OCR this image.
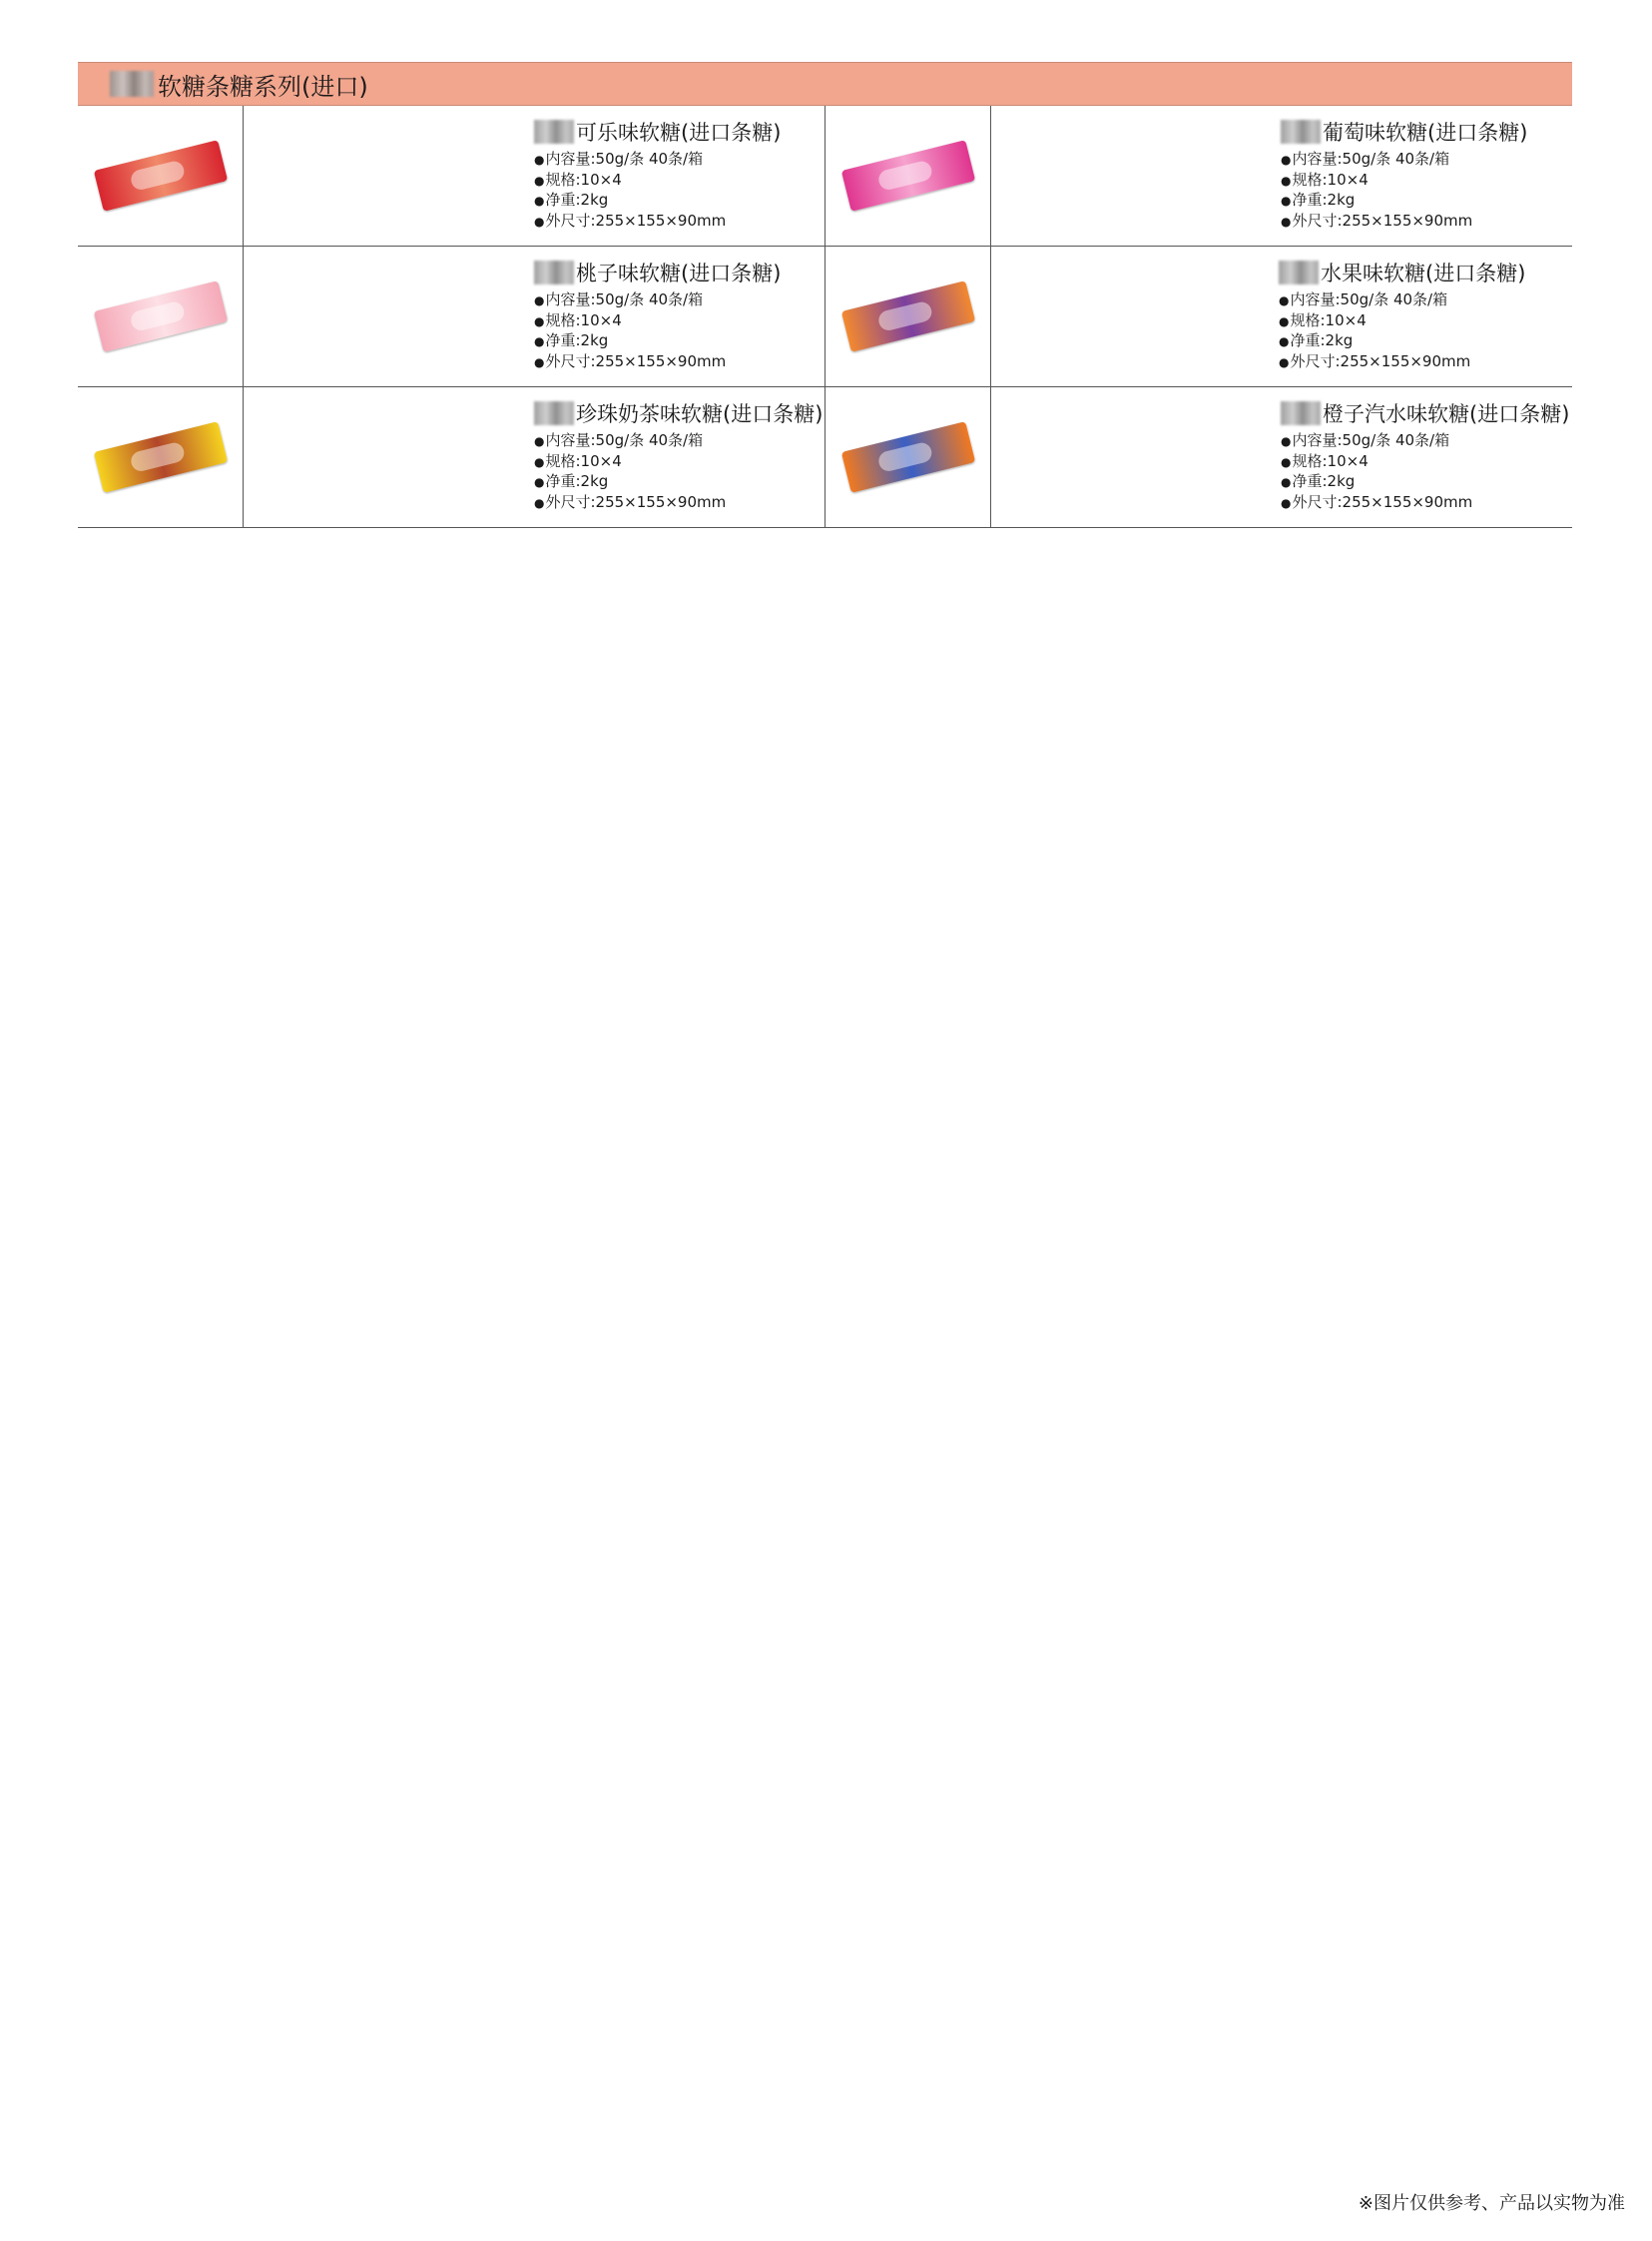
软糖条糖系列(进口)
可乐味软糖(进口条糖)
● 内容量:50g/条 40条/箱
● 规格:10×4
● 净重:2kg
● 外尺寸:255×155×90mm
葡萄味软糖(进口条糖)
● 内容量:50g/条 40条/箱
● 规格:10×4
● 净重:2kg
● 外尺寸:255×155×90mm
桃子味软糖(进口条糖)
● 内容量:50g/条 40条/箱
● 规格:10×4
● 净重:2kg
● 外尺寸:255×155×90mm
水果味软糖(进口条糖)
● 内容量:50g/条 40条/箱
● 规格:10×4
● 净重:2kg
● 外尺寸:255×155×90mm
珍珠奶茶味软糖(进口条糖)
● 内容量:50g/条 40条/箱
● 规格:10×4
● 净重:2kg
● 外尺寸:255×155×90mm
橙子汽水味软糖(进口条糖)
● 内容量:50g/条 40条/箱
● 规格:10×4
● 净重:2kg
● 外尺寸:255×155×90mm
※图片仅供参考、产品以实物为准
